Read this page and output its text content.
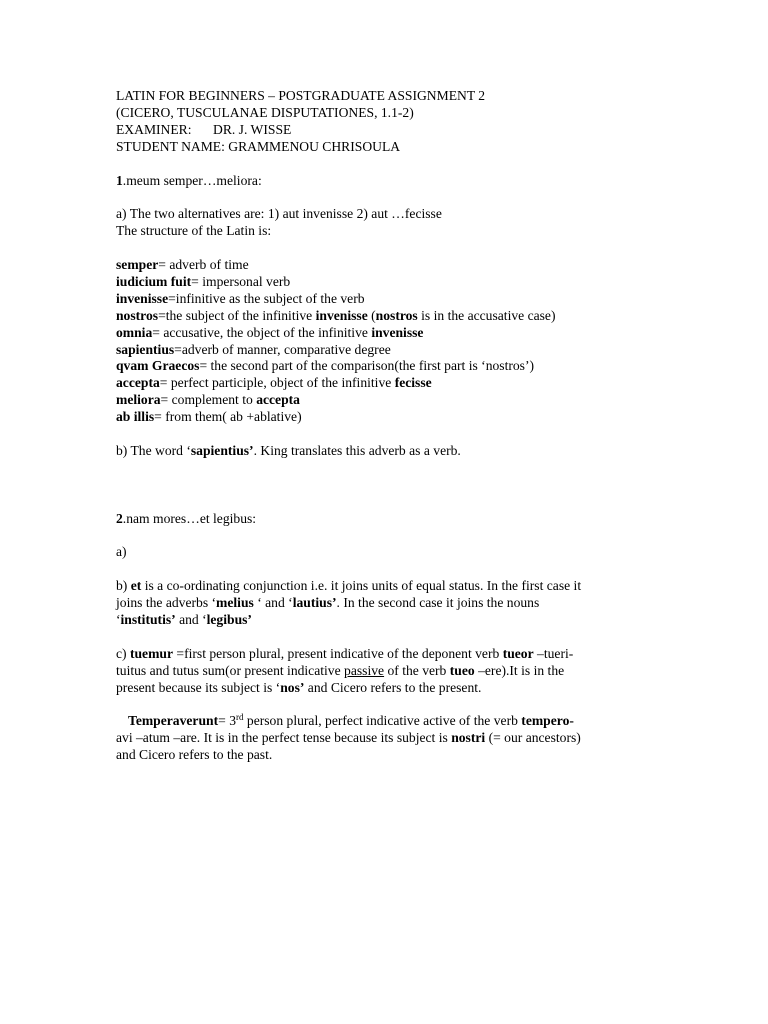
LATIN FOR BEGINNERS – POSTGRADUATE ASSIGNMENT 2
(CICERO, TUSCULANAE DISPUTATIONES, 1.1-2)
EXAMINER: DR. J. WISSE
STUDENT NAME: GRAMMENOU CHRISOULA
1.meum semper…meliora:
a) The two alternatives are: 1) aut invenisse 2) aut …fecisse
The structure of the Latin is:
semper= adverb of time
iudicium fuit= impersonal verb
invenisse=infinitive as the subject of the verb
nostros=the subject of the infinitive invenisse (nostros is in the accusative case)
omnia= accusative, the object of the infinitive invenisse
sapientius=adverb of manner, comparative degree
qvam Graecos= the second part of the comparison(the first part is ‘nostros’)
accepta= perfect participle, object of the infinitive fecisse
meliora= complement to accepta
ab illis= from them( ab +ablative)
b) The word ‘sapientius’. King translates this adverb as a verb.
2.nam mores…et legibus:
a)
b) et is a co-ordinating conjunction i.e. it joins units of equal status. In the first case it
joins the adverbs ‘melius ‘ and ‘lautius’. In the second case it joins the nouns
‘institutis’ and ‘legibus’
c) tuemur =first person plural, present indicative of the deponent verb tueor –tueri-
tuitus and tutus sum(or present indicative passive of the verb tueo –ere).It is in the
present because its subject is ‘nos’ and Cicero refers to the present.
Temperaverunt= 3rd person plural, perfect indicative active of the verb tempero-
avi –atum –are. It is in the perfect tense because its subject is nostri (= our ancestors)
and Cicero refers to the past.
